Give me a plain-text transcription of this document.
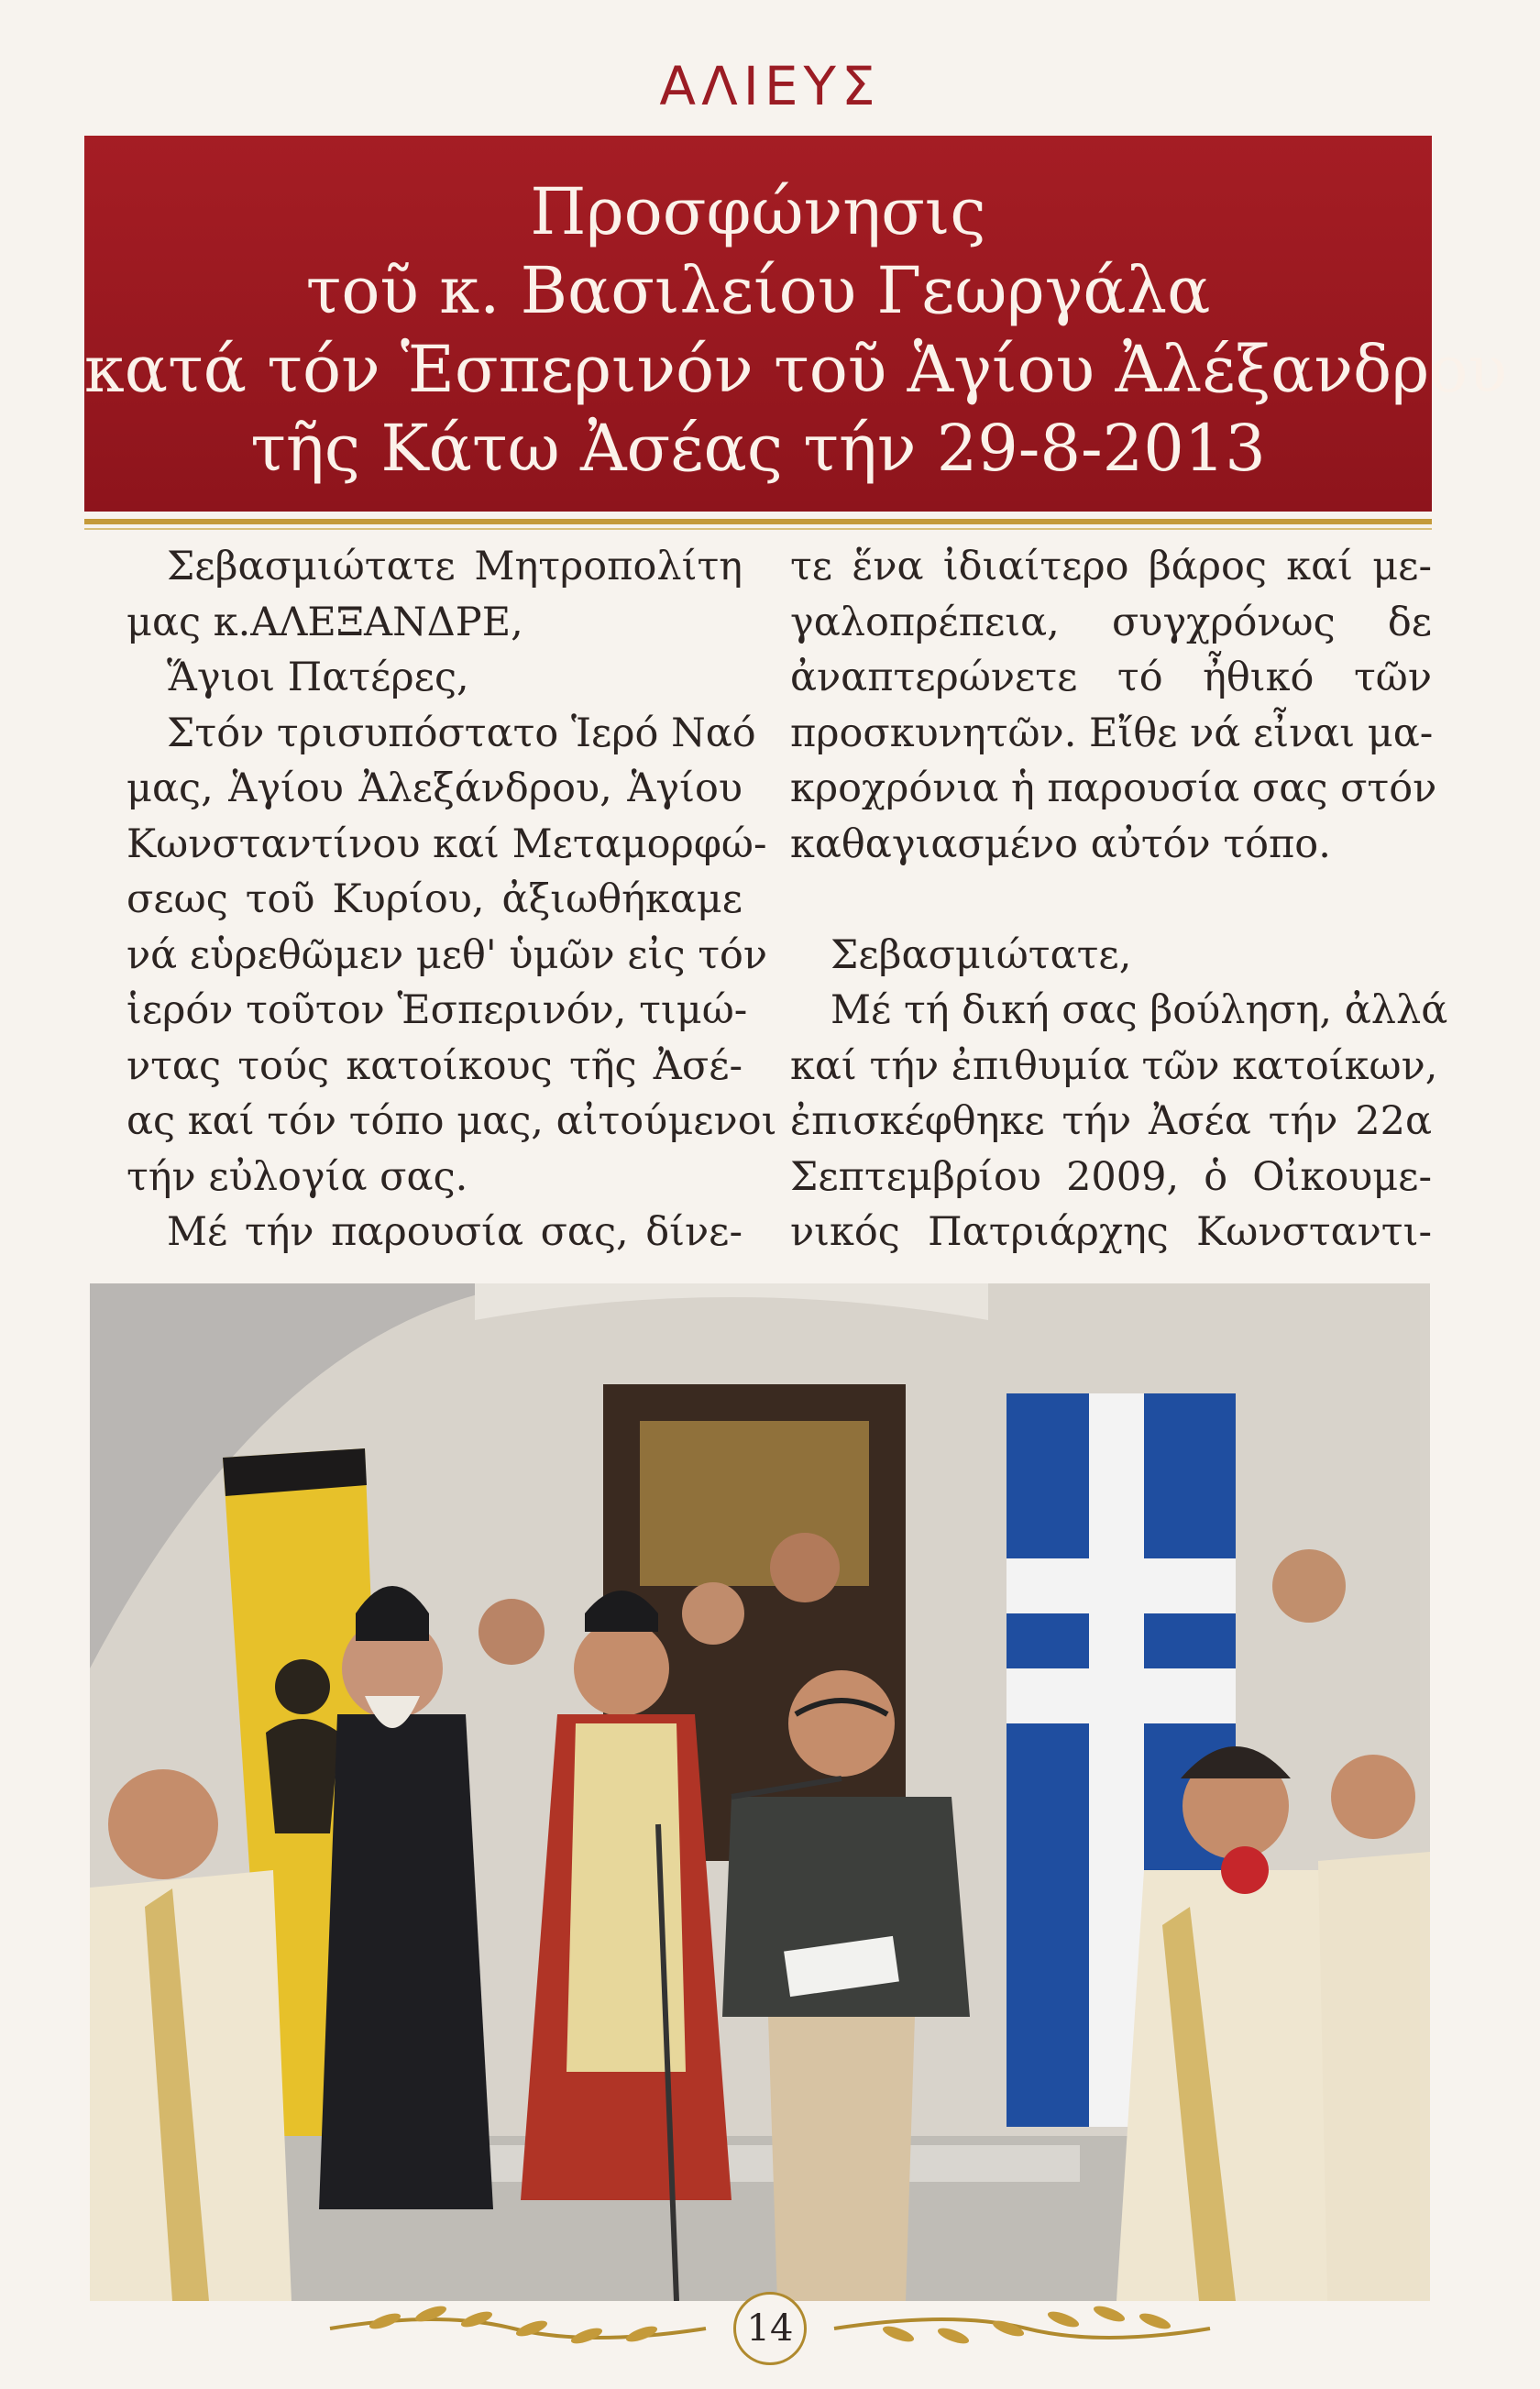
ΑΛΙΕΥΣ
Προσφώνησις
τοῦ κ. Βασιλείου Γεωργάλα
κατά τόν Ἑσπερινόν τοῦ Ἁγίου Ἀλέξανδρου
τῆς Κάτω Ἀσέας τήν 29-8-2013
Σεβασμιώτατε Μητροπολίτη
μας κ.ΑΛΕΞΑΝΔΡΕ,
Ἅγιοι Πατέρες,
Στόν τρισυπόστατο Ἱερό Ναό
μας, Ἁγίου Ἀλεξάνδρου, Ἁγίου
Κωνσταντίνου καί Μεταμορφώ-
σεως τοῦ Κυρίου, ἀξιωθήκαμε
νά εὑρεθῶμεν μεθ' ὑμῶν εἰς τόν
ἱερόν τοῦτον Ἑσπερινόν, τιμώ-
ντας τούς κατοίκους τῆς Ἀσέ-
ας καί τόν τόπο μας, αἰτούμενοι
τήν εὐλογία σας.
Μέ τήν παρουσία σας, δίνε-
τε ἕνα ἰδιαίτερο βάρος καί με-
γαλοπρέπεια, συγχρόνως δε
ἀναπτερώνετε τό ἦθικό τῶν
προσκυνητῶν. Εἴθε νά εἶναι μα-
κροχρόνια ἡ παρουσία σας στόν
καθαγιασμένο αὐτόν τόπο.
Σεβασμιώτατε,
Μέ τή δική σας βούληση, ἀλλά
καί τήν ἐπιθυμία τῶν κατοίκων,
ἐπισκέφθηκε τήν Ἀσέα τήν 22α
Σεπτεμβρίου 2009, ὁ Οἰκουμε-
νικός Πατριάρχης Κωνσταντι-
14
